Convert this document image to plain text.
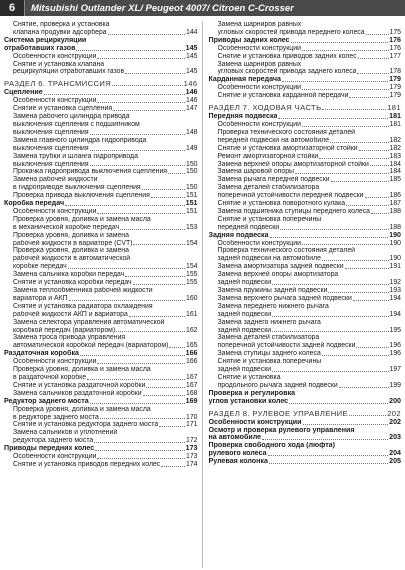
6	Mitsubishi Outlander XL/ Peugeot 4007/ Citroen C-Crosser
Снятие, проверка и установка
клапана продувки адсорбера	144
Система рециркуляции
отработавших газов	145
Особенности конструкции	145
Снятие и установка клапана
рециркуляции отработавших газов	145
РАЗДЕЛ 6. ТРАНСМИССИЯ	146
Сцепление	146
Особенности конструкции	146
Снятие и установка сцепления	147
Замена рабочего цилиндра привода
выключения сцепления с подшипником
выключения сцепления	148
Замена главного цилиндра гидропривода
выключения сцепления	149
Замена трубки и шланга гидропривода
выключения сцепления	150
Прокачка гидропривода выключения сцепления	150
Замена рабочей жидкости
в гидроприводе выключения сцепления	150
Проверка привода выключения сцепления	151
Коробка передач	151
Особенности конструкции	151
Проверка уровня, доливка и замена масла
в механической коробке передач	153
Проверка уровня, доливка и замена
рабочей жидкости в вариаторе (CVT)	154
Проверка уровня, доливка и замена
рабочей жидкости в автоматической
коробке передач	154
Замена сальника коробки передач	155
Снятие и установка коробки передач	155
Замена теплообменника рабочей жидкости
вариатора и АКП	160
Снятие и установка радиатора охлаждения
рабочей жидкости АКП и вариатора	161
Замена селектора управления автоматической
коробкой передач (вариатором)	162
Замена троса привода управления
автоматической коробкой передач (вариатором)	165
Раздаточная коробка	166
Особенности конструкции	166
Проверка уровня, доливка и замена масла
в раздаточной коробке	167
Снятие и установка раздаточной коробки	167
Замена сальников раздаточной коробки	168
Редуктор заднего моста	169
Проверка уровня, доливка и замена масла
в редукторе заднего моста	170
Снятие и установка редуктора заднего моста	171
Замена сальников и уплотнений
редуктора заднего моста	172
Приводы передних колес	173
Особенности конструкции	173
Снятие и установка приводов передних колес	174
Замена шарниров равных
угловых скоростей привода переднего колеса	175
Приводы задних колес	176
Особенности конструкции	176
Снятие и установка приводов задних колес	177
Замена шарниров равных
угловых скоростей привода заднего колеса	178
Карданная передача	179
Особенности конструкции	179
Снятие и установка карданной передачи	179
РАЗДЕЛ 7. ХОДОВАЯ ЧАСТЬ	181
Передняя подвеска	181
Особенности конструкции	181
Проверка технического состояния деталей
передней подвески на автомобиле	182
Снятие и установка амортизаторной стойки	182
Ремонт амортизаторной стойки	183
Замена верхней опоры амортизаторной стойки	184
Замена шаровой опоры	184
Замена рычага передней подвески	185
Замена деталей стабилизатора
поперечной устойчивости передней подвески	186
Снятие и установка поворотного кулака	187
Замена подшипника ступицы переднего колеса	188
Снятие и установка поперечины
передней подвески	188
Задняя подвеска	190
Особенности конструкции	190
Проверка технического состояния деталей
задней подвески на автомобиле	190
Замена амортизатора задней подвески	191
Замена верхней опоры амортизатора
задней подвески	192
Замена пружины задней подвески	193
Замена верхнего рычага задней подвески	194
Замена переднего нижнего рычага
задней подвески	194
Замена заднего нижнего рычага
задней подвески	195
Замена деталей стабилизатора
поперечной устойчивости задней подвески	196
Замена ступицы заднего колеса	196
Снятие и установка поперечины
задней подвески	197
Снятие и установка
продольного рычага задней подвески	199
Проверка и регулировка
углов установки колес	200
РАЗДЕЛ 8. РУЛЕВОЕ УПРАВЛЕНИЕ	202
Особенности конструкции	202
Осмотр и проверка рулевого управления
на автомобиле	203
Проверка свободного хода (люфта)
рулевого колеса	204
Рулевая колонка	205
